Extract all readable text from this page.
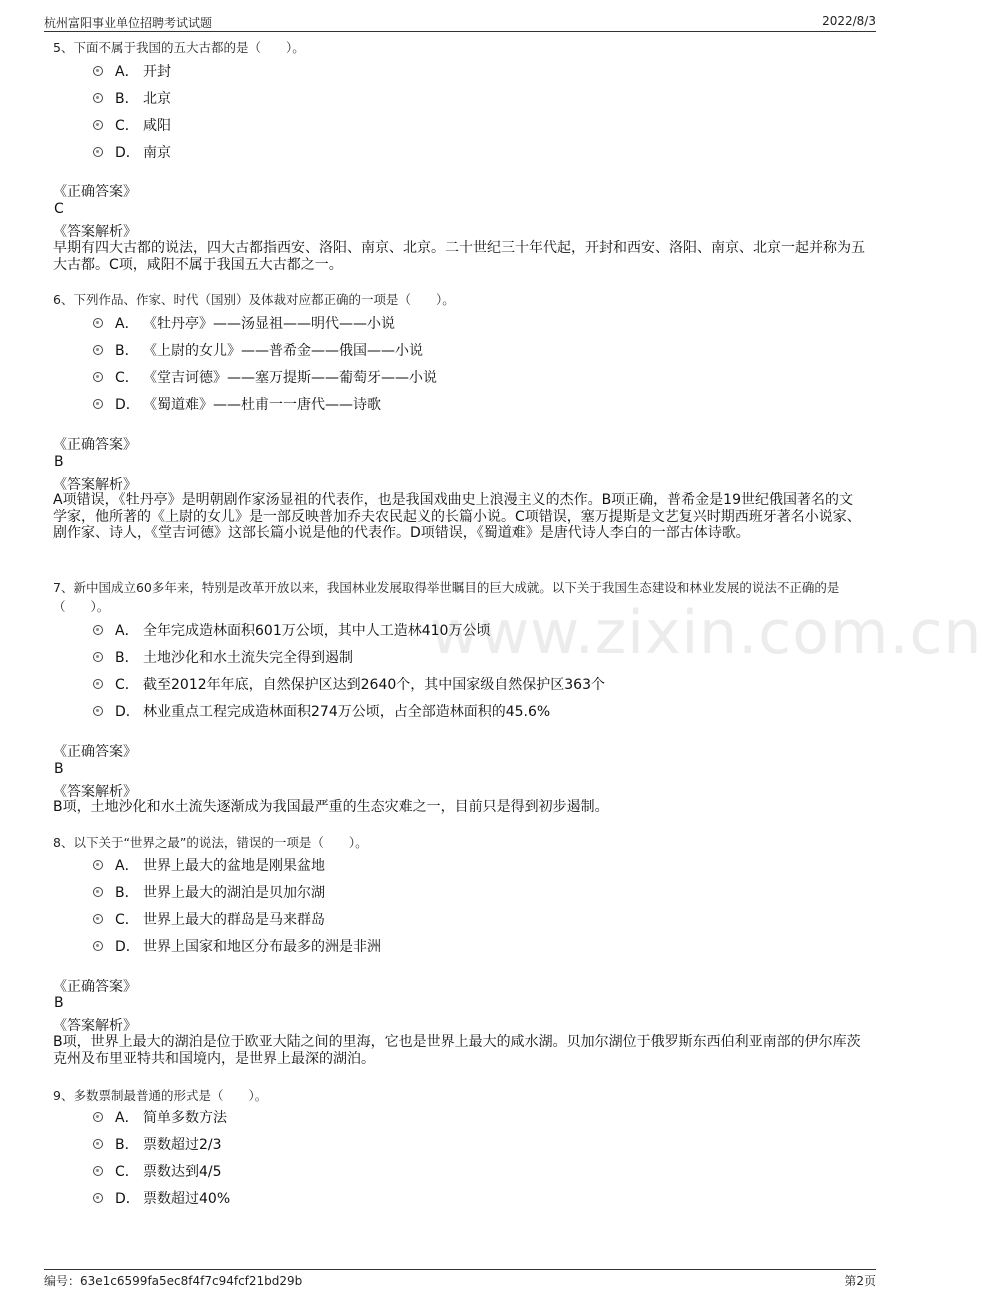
杭州富阳事业单位招聘考试试题	2022/8/3
www.zixin.com.cn
5、下面不属于我国的五大古都的是（　　）。
A． 开封
B． 北京
C． 咸阳
D． 南京
《正确答案》
C
《答案解析》
早期有四大古都的说法，四大古都指西安、洛阳、南京、北京。二十世纪三十年代起，开封和西安、洛阳、南京、北京一起并称为五大古都。C项，咸阳不属于我国五大古都之一。
6、下列作品、作家、时代（国别）及体裁对应都正确的一项是（　　）。
A． 《牡丹亭》——汤显祖——明代——小说
B． 《上尉的女儿》——普希金——俄国——小说
C． 《堂吉诃德》——塞万提斯——葡萄牙——小说
D． 《蜀道难》——杜甫一一唐代——诗歌
《正确答案》
B
《答案解析》
A项错误，《牡丹亭》是明朝剧作家汤显祖的代表作，也是我国戏曲史上浪漫主义的杰作。B项正确，普希金是19世纪俄国著名的文学家，他所著的《上尉的女儿》是一部反映普加乔夫农民起义的长篇小说。C项错误，塞万提斯是文艺复兴时期西班牙著名小说家、剧作家、诗人，《堂吉诃德》这部长篇小说是他的代表作。D项错误，《蜀道难》是唐代诗人李白的一部古体诗歌。
7、新中国成立60多年来，特别是改革开放以来，我国林业发展取得举世瞩目的巨大成就。以下关于我国生态建设和林业发展的说法不正确的是（　　）。
A． 全年完成造林面积601万公顷，其中人工造林410万公顷
B． 土地沙化和水土流失完全得到遏制
C． 截至2012年年底，自然保护区达到2640个，其中国家级自然保护区363个
D． 林业重点工程完成造林面积274万公顷，占全部造林面积的45.6%
《正确答案》
B
《答案解析》
B项，土地沙化和水土流失逐渐成为我国最严重的生态灾难之一，目前只是得到初步遏制。
8、以下关于“世界之最”的说法，错误的一项是（　　）。
A． 世界上最大的盆地是刚果盆地
B． 世界上最大的湖泊是贝加尔湖
C． 世界上最大的群岛是马来群岛
D． 世界上国家和地区分布最多的洲是非洲
《正确答案》
B
《答案解析》
B项，世界上最大的湖泊是位于欧亚大陆之间的里海，它也是世界上最大的咸水湖。贝加尔湖位于俄罗斯东西伯利亚南部的伊尔库茨克州及布里亚特共和国境内，是世界上最深的湖泊。
9、多数票制最普通的形式是（　　）。
A． 简单多数方法
B． 票数超过2/3
C． 票数达到4/5
D． 票数超过40%
编号：63e1c6599fa5ec8f4f7c94fcf21bd29b	第2页
